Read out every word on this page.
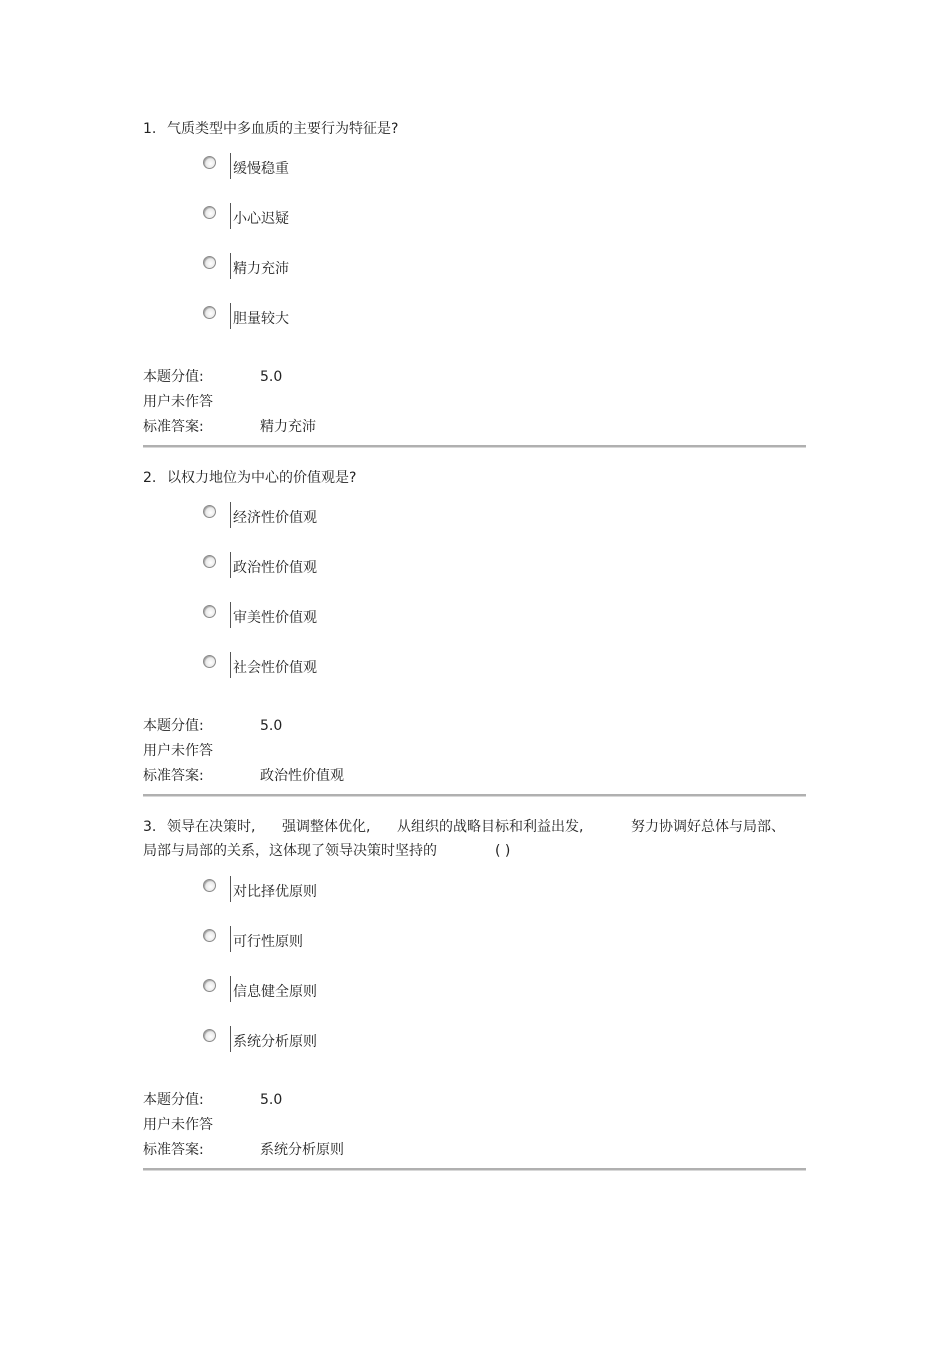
1. 气质类型中多血质的主要行为特征是?

缓慢稳重
小心迟疑
精力充沛
胆量较大
本题分值:	5.0
用户未作答
标准答案:	精力充沛

2. 以权力地位为中心的价值观是?

经济性价值观
政治性价值观
审美性价值观
社会性价值观
本题分值:	5.0
用户未作答
标准答案:	政治性价值观

3. 领导在决策时, 强调整体优化, 从组织的战略目标和利益出发,	努力协调好总体与局部、

局部与局部的关系，这体现了领导决策时坚持的	( )

对比择优原则
可行性原则
信息健全原则
系统分析原则
本题分值:	5.0
用户未作答
标准答案:	系统分析原则
